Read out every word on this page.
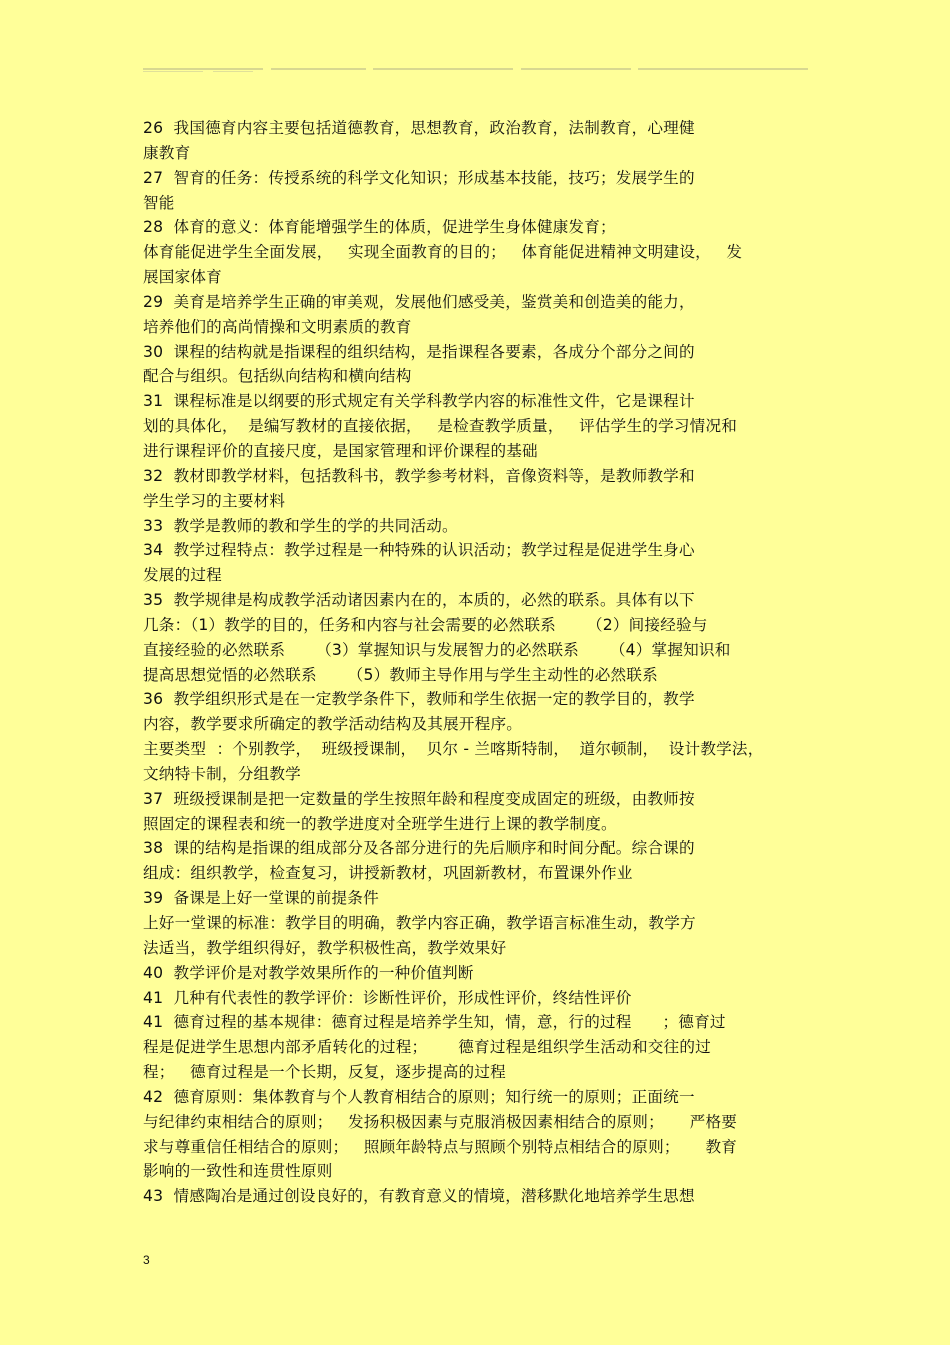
26  我国德育内容主要包括道德教育，思想教育，政治教育，法制教育，心理健
康教育
27  智育的任务：传授系统的科学文化知识；形成基本技能，技巧；发展学生的
智能
28  体育的意义：体育能增强学生的体质，促进学生身体健康发育；
体育能促进学生全面发展，   实现全面教育的目的；   体育能促进精神文明建设，   发
展国家体育
29  美育是培养学生正确的审美观，发展他们感受美，鉴赏美和创造美的能力，
培养他们的高尚情操和文明素质的教育
30  课程的结构就是指课程的组织结构，是指课程各要素，各成分个部分之间的
配合与组织。包括纵向结构和横向结构
31  课程标准是以纲要的形式规定有关学科教学内容的标准性文件，它是课程计
划的具体化，  是编写教材的直接依据，   是检查教学质量，   评估学生的学习情况和
进行课程评价的直接尺度，是国家管理和评价课程的基础
32  教材即教学材料，包括教科书，教学参考材料，音像资料等，是教师教学和
学生学习的主要材料
33  教学是教师的教和学生的学的共同活动。
34  教学过程特点：教学过程是一种特殊的认识活动；教学过程是促进学生身心
发展的过程
35  教学规律是构成教学活动诸因素内在的，本质的，必然的联系。具体有以下
几条：（1）教学的目的，任务和内容与社会需要的必然联系      （2）间接经验与
直接经验的必然联系      （3）掌握知识与发展智力的必然联系      （4）掌握知识和
提高思想觉悟的必然联系      （5）教师主导作用与学生主动性的必然联系
36  教学组织形式是在一定教学条件下，教师和学生依据一定的教学目的，教学
内容，教学要求所确定的教学活动结构及其展开程序。
主要类型  ：个别教学，  班级授课制，  贝尔 - 兰喀斯特制，  道尔顿制，  设计教学法，
文纳特卡制，分组教学
37  班级授课制是把一定数量的学生按照年龄和程度变成固定的班级，由教师按
照固定的课程表和统一的教学进度对全班学生进行上课的教学制度。
38  课的结构是指课的组成部分及各部分进行的先后顺序和时间分配。综合课的
组成：组织教学，检查复习，讲授新教材，巩固新教材，布置课外作业
39  备课是上好一堂课的前提条件
上好一堂课的标准：教学目的明确，教学内容正确，教学语言标准生动，教学方
法适当，教学组织得好，教学积极性高，教学效果好
40  教学评价是对教学效果所作的一种价值判断
41  几种有代表性的教学评价：诊断性评价，形成性评价，终结性评价
41  德育过程的基本规律：德育过程是培养学生知，情，意，行的过程      ；德育过
程是促进学生思想内部矛盾转化的过程；      德育过程是组织学生活动和交往的过
程；   德育过程是一个长期，反复，逐步提高的过程
42  德育原则：集体教育与个人教育相结合的原则；知行统一的原则；正面统一
与纪律约束相结合的原则；   发扬积极因素与克服消极因素相结合的原则；     严格要
求与尊重信任相结合的原则；   照顾年龄特点与照顾个别特点相结合的原则；     教育
影响的一致性和连贯性原则
43  情感陶冶是通过创设良好的，有教育意义的情境，潜移默化地培养学生思想
3
